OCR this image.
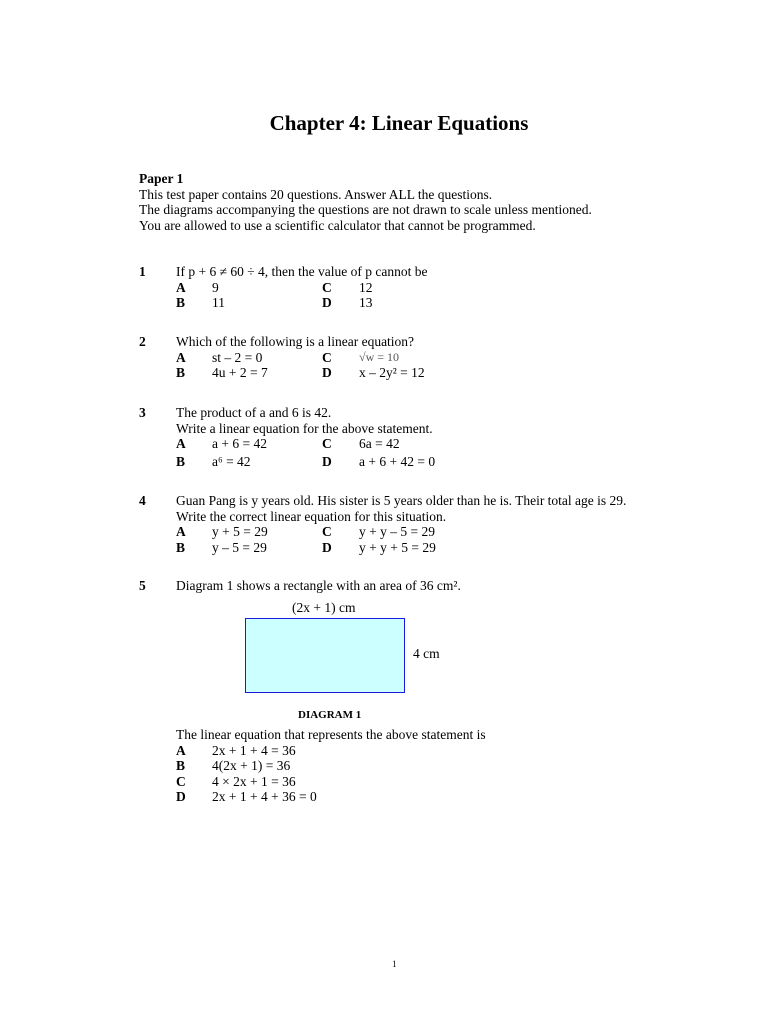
Chapter 4: Linear Equations
Paper 1
This test paper contains 20 questions. Answer ALL the questions.
The diagrams accompanying the questions are not drawn to scale unless mentioned.
You are allowed to use a scientific calculator that cannot be programmed.
1 If p + 6 ≠ 60 ÷ 4, then the value of p cannot be
A 9	C 12
B 11	D 13
2 Which of the following is a linear equation?
A st – 2 = 0	C √w = 10
B 4u + 2 = 7	D x – 2y² = 12
3 The product of a and 6 is 42.
Write a linear equation for the above statement.
A a + 6 = 42	C 6a = 42
B a⁶ = 42	D a + 6 + 42 = 0
4 Guan Pang is y years old. His sister is 5 years older than he is. Their total age is 29.
Write the correct linear equation for this situation.
A y + 5 = 29	C y + y – 5 = 29
B y – 5 = 29	D y + y + 5 = 29
5 Diagram 1 shows a rectangle with an area of 36 cm².
(2x + 1) cm
4 cm
DIAGRAM 1
The linear equation that represents the above statement is
A 2x + 1 + 4 = 36
B 4(2x + 1) = 36
C 4 × 2x + 1 = 36
D 2x + 1 + 4 + 36 = 0
1
